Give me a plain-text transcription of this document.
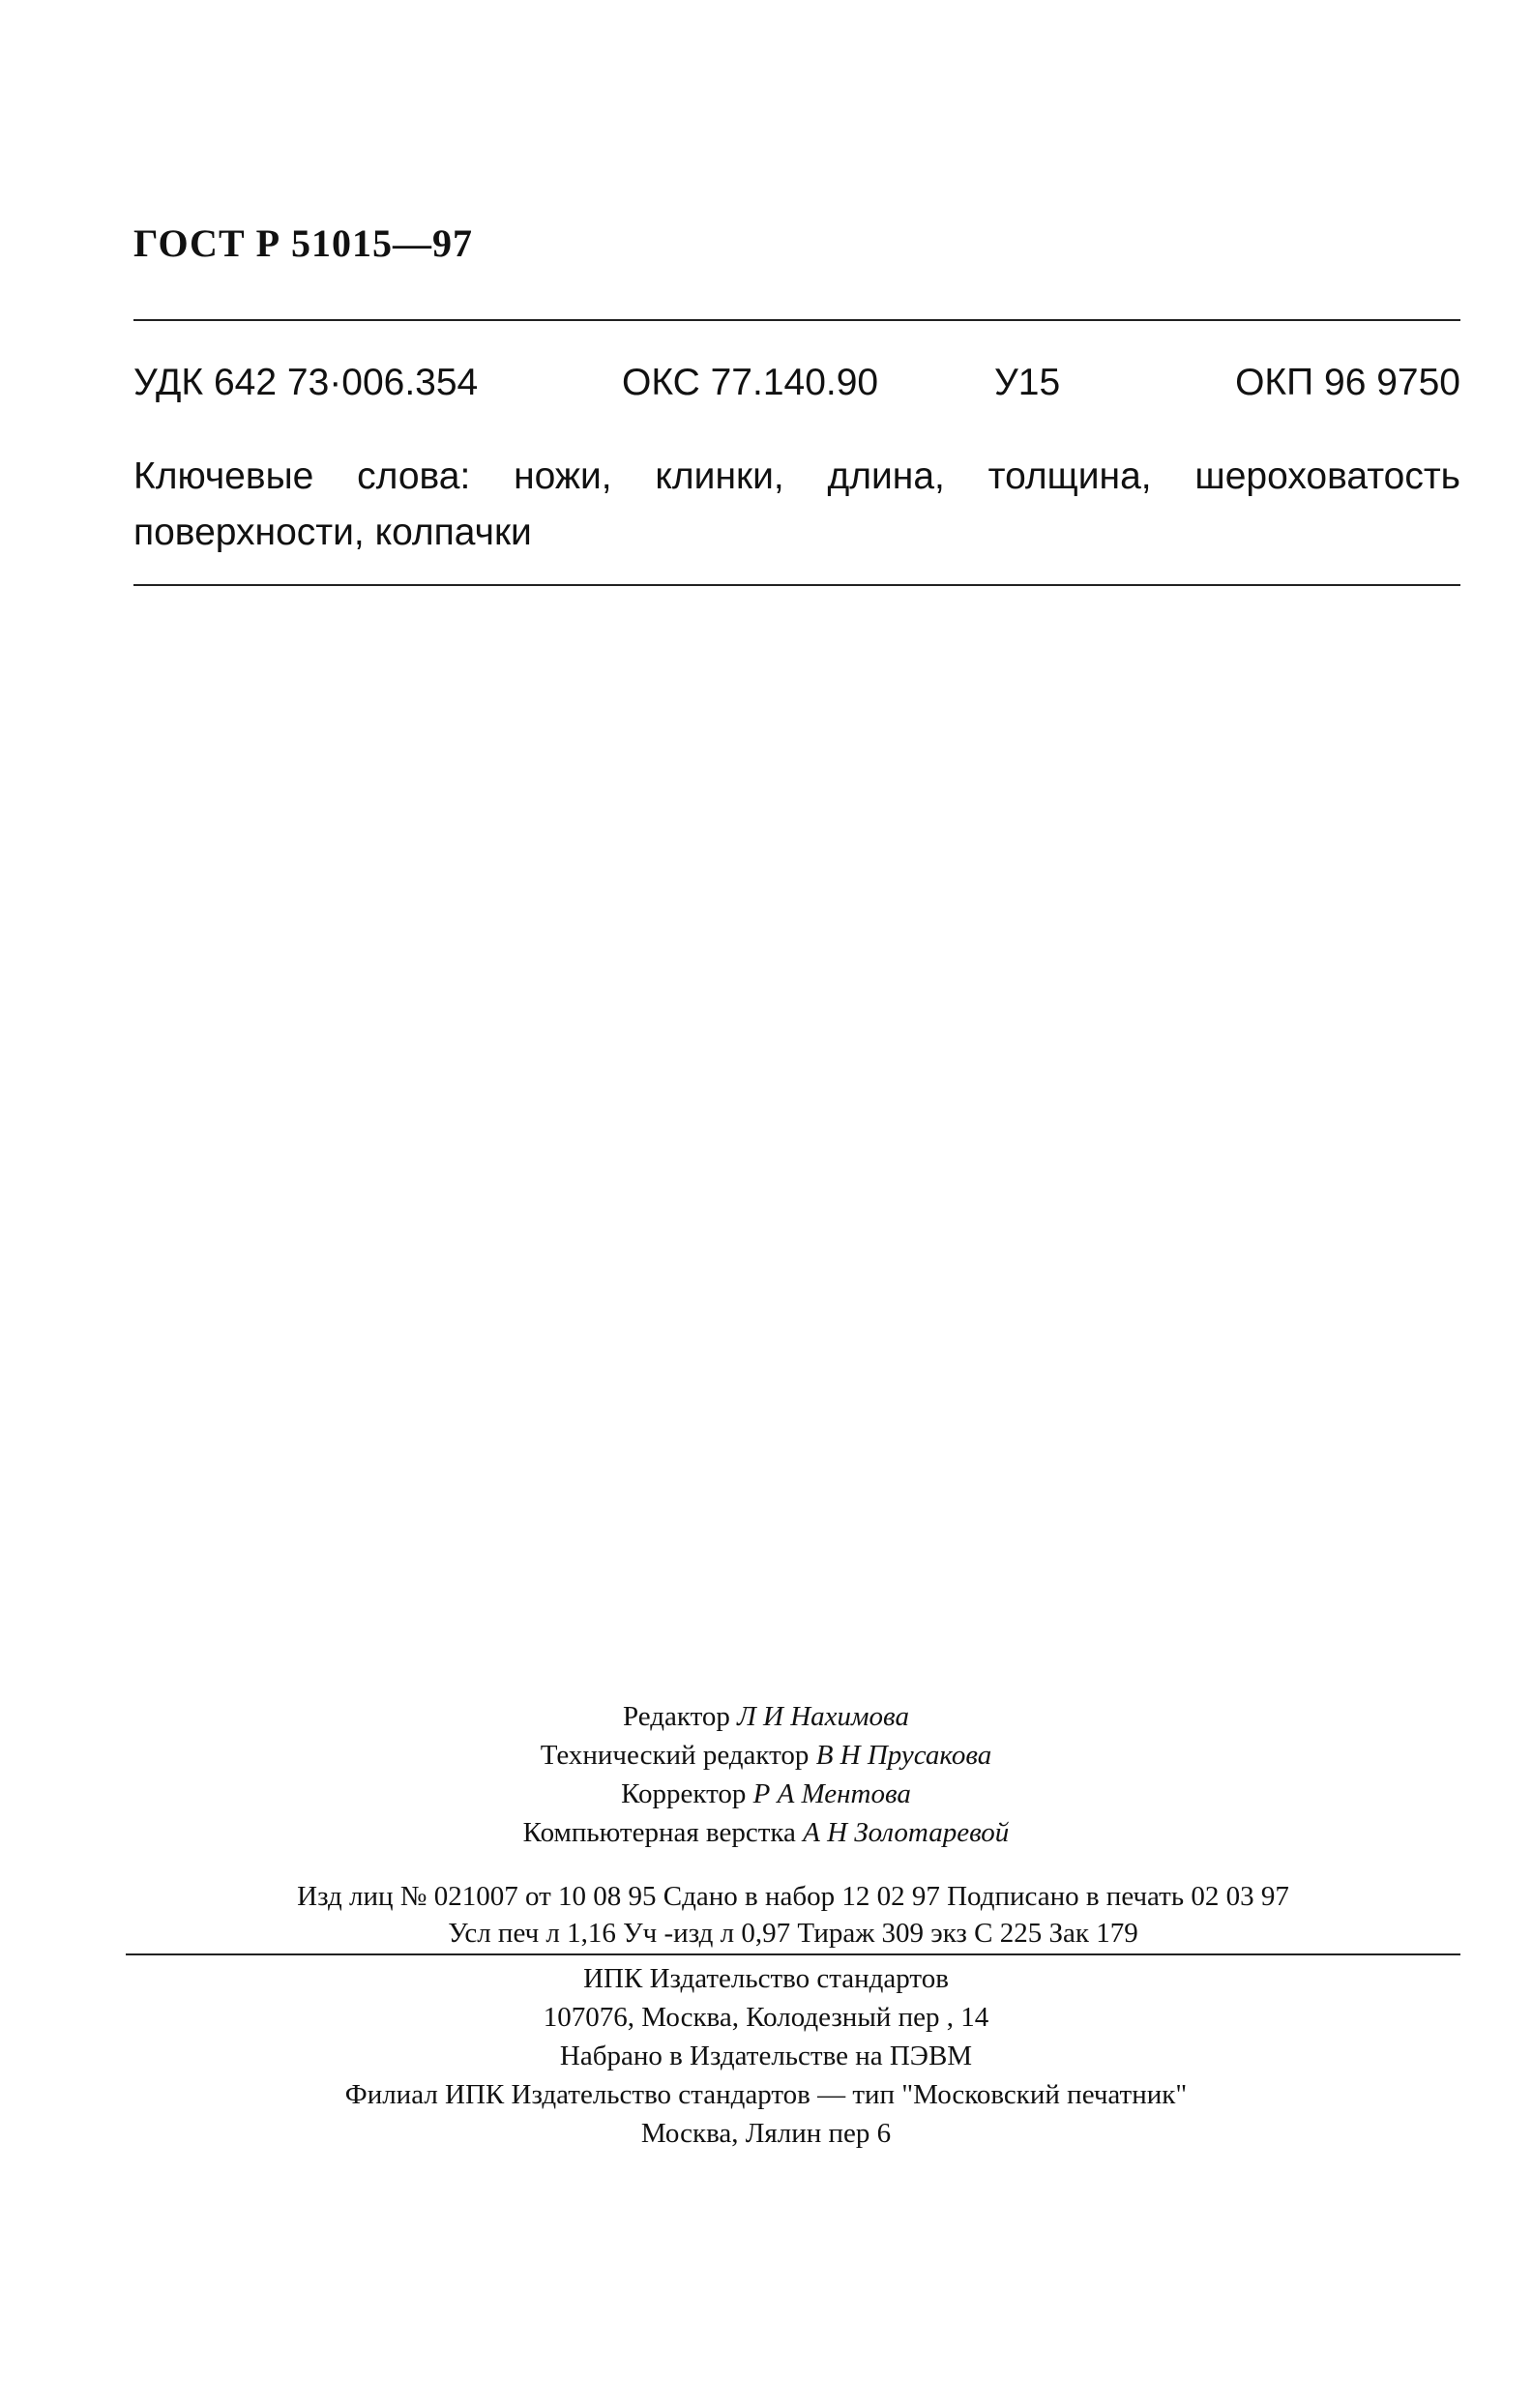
ГОСТ Р 51015—97
УДК 642 73·006.354	ОКС 77.140.90	У15	ОКП 96 9750
Ключевые слова: ножи, клинки, длина, толщина, шероховатость поверхности, колпачки
Редактор Л И Нахимова
Технический редактор В Н Прусакова
Корректор Р А Ментова
Компьютерная верстка А Н Золотаревой
Изд лиц № 021007 от 10 08 95 Сдано в набор 12 02 97 Подписано в печать 02 03 97
Усл печ л 1,16 Уч -изд л 0,97 Тираж 309 экз С 225 Зак 179
ИПК Издательство стандартов
107076, Москва, Колодезный пер , 14
Набрано в Издательстве на ПЭВМ
Филиал ИПК Издательство стандартов — тип "Московский печатник"
Москва, Лялин пер 6
